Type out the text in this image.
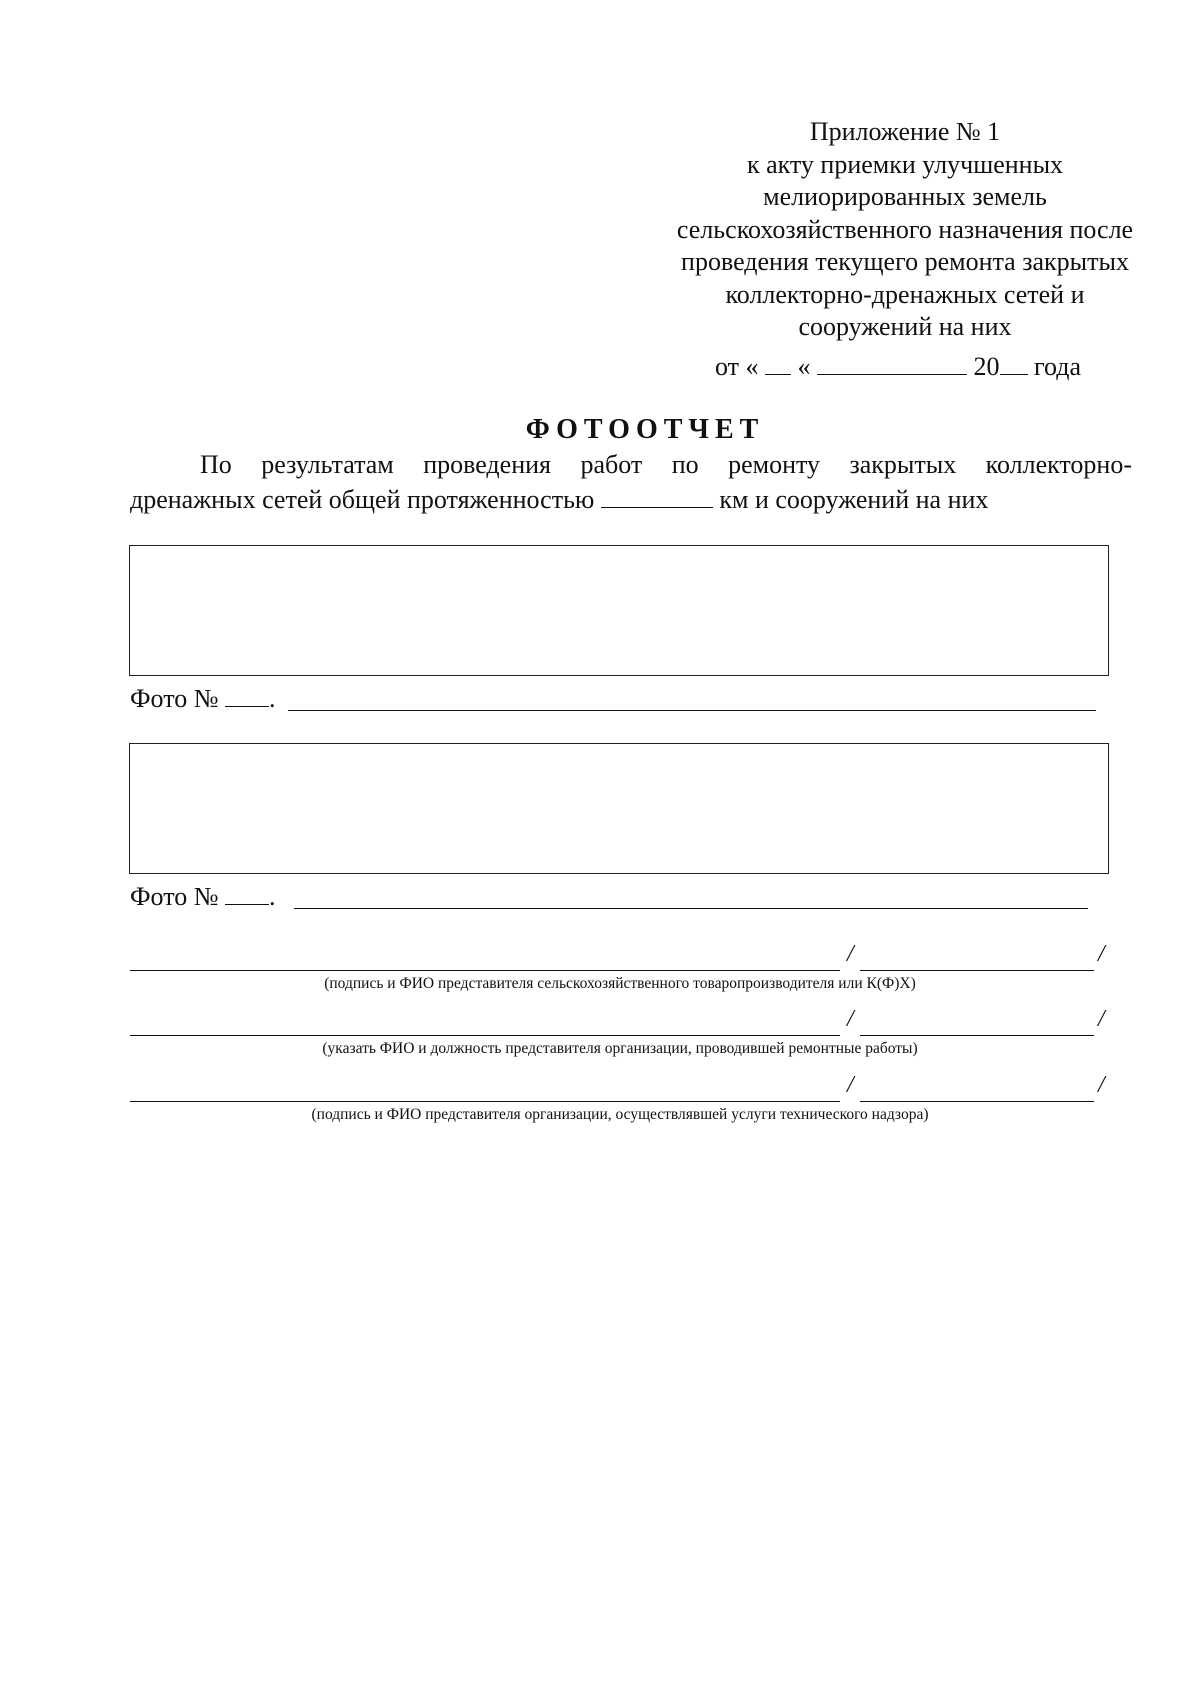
Приложение № 1
к акту приемки улучшенных
мелиорированных земель
сельскохозяйственного назначения после
проведения текущего ремонта закрытых
коллекторно-дренажных сетей и
сооружений на них
от « «	20 года
ФОТООТЧЕТ
По результатам проведения работ по ремонту закрытых коллекторно-
дренажных сетей общей протяженностью	км и сооружений на них
Фото № .
Фото № .
/	/
(подпись и ФИО представителя сельскохозяйственного товаропроизводителя или К(Ф)Х)
/	/
(указать ФИО и должность представителя организации, проводившей ремонтные работы)
/	/
(подпись и ФИО представителя организации, осуществлявшей услуги технического надзора)
